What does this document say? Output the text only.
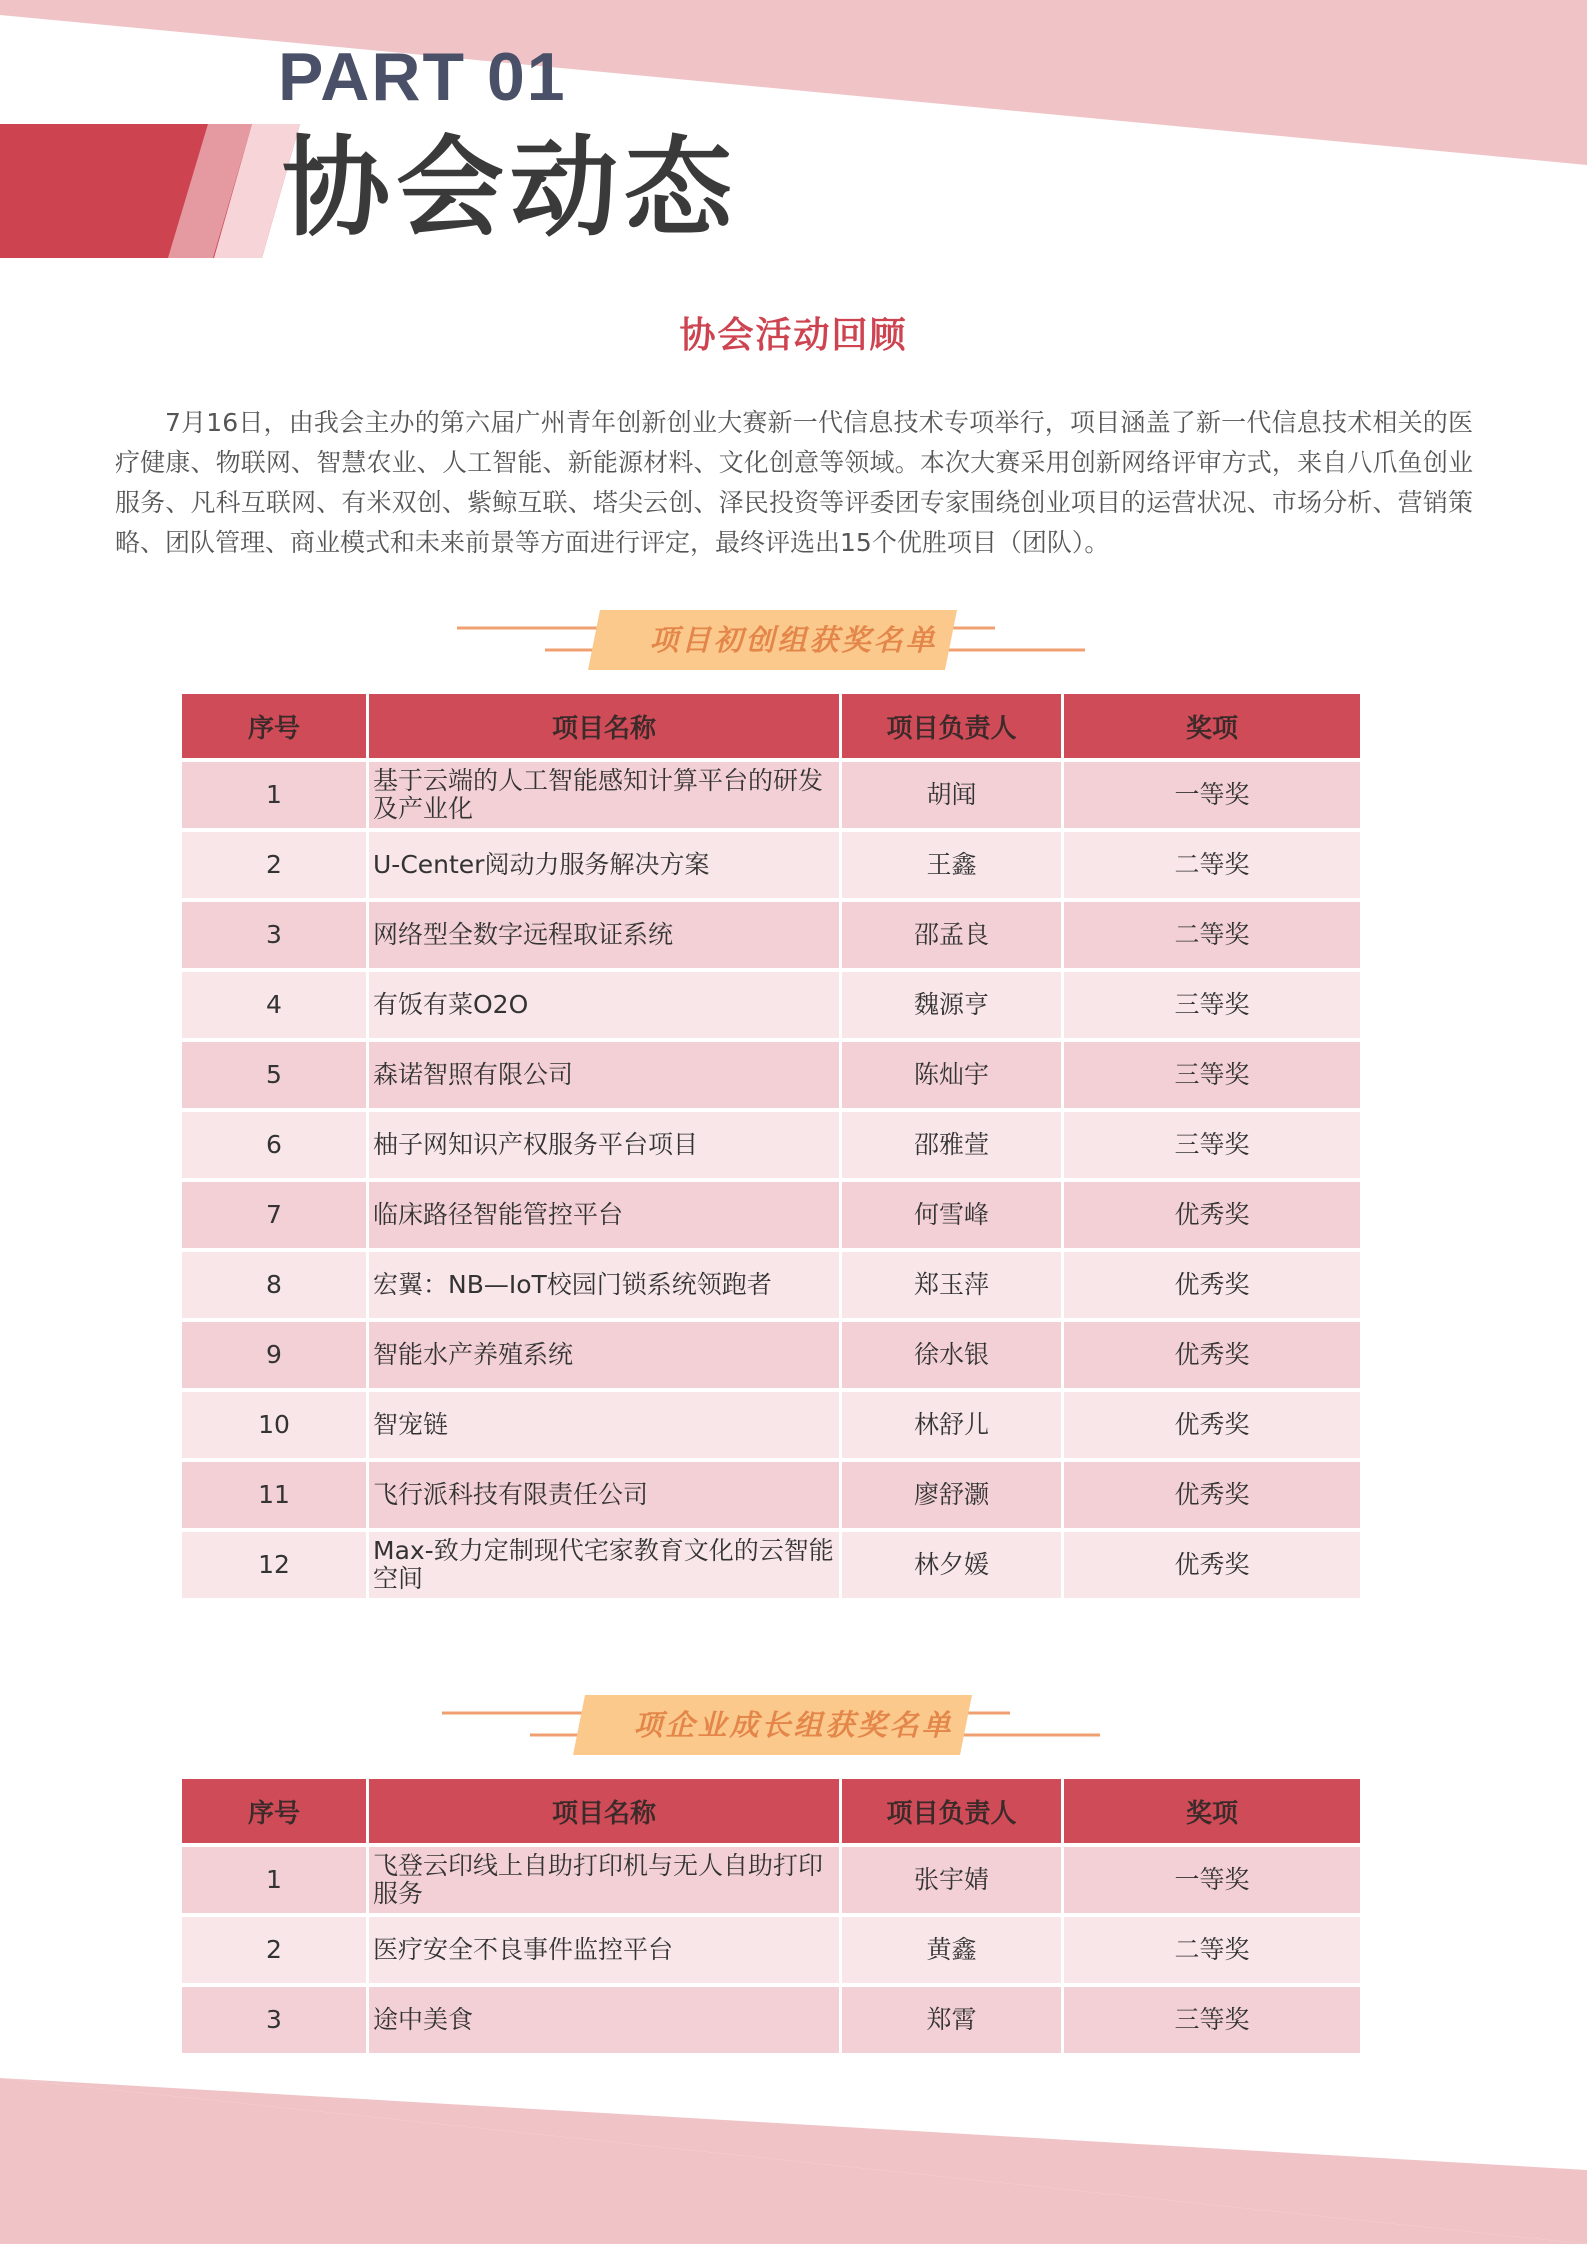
PART 01
协会动态
协会活动回顾

7月16日，由我会主办的第六届广州青年创新创业大赛新一代信息技术专项举行，项目涵盖了新一代信息技术相关的医疗健康、物联网、智慧农业、人工智能、新能源材料、文化创意等领域。本次大赛采用创新网络评审方式，来自八爪鱼创业服务、凡科互联网、有米双创、紫鲸互联、塔尖云创、泽民投资等评委团专家围绕创业项目的运营状况、市场分析、营销策略、团队管理、商业模式和未来前景等方面进行评定，最终评选出15个优胜项目（团队）。

项目初创组获奖名单
序号	项目名称	项目负责人	奖项
1	基于云端的人工智能感知计算平台的研发及产业化	胡闻	一等奖
2	U-Center阅动力服务解决方案	王鑫	二等奖
3	网络型全数字远程取证系统	邵孟良	二等奖
4	有饭有菜O2O	魏源亨	三等奖
5	森诺智照有限公司	陈灿宇	三等奖
6	柚子网知识产权服务平台项目	邵雅萱	三等奖
7	临床路径智能管控平台	何雪峰	优秀奖
8	宏翼：NB—IoT校园门锁系统领跑者	郑玉萍	优秀奖
9	智能水产养殖系统	徐水银	优秀奖
10	智宠链	林舒儿	优秀奖
11	飞行派科技有限责任公司	廖舒灏	优秀奖
12	Max-致力定制现代宅家教育文化的云智能空间	林夕媛	优秀奖
项企业成长组获奖名单
序号	项目名称	项目负责人	奖项
1	飞登云印线上自助打印机与无人自助打印服务	张宇婧	一等奖
2	医疗安全不良事件监控平台	黄鑫	二等奖
3	途中美食	郑霄	三等奖
